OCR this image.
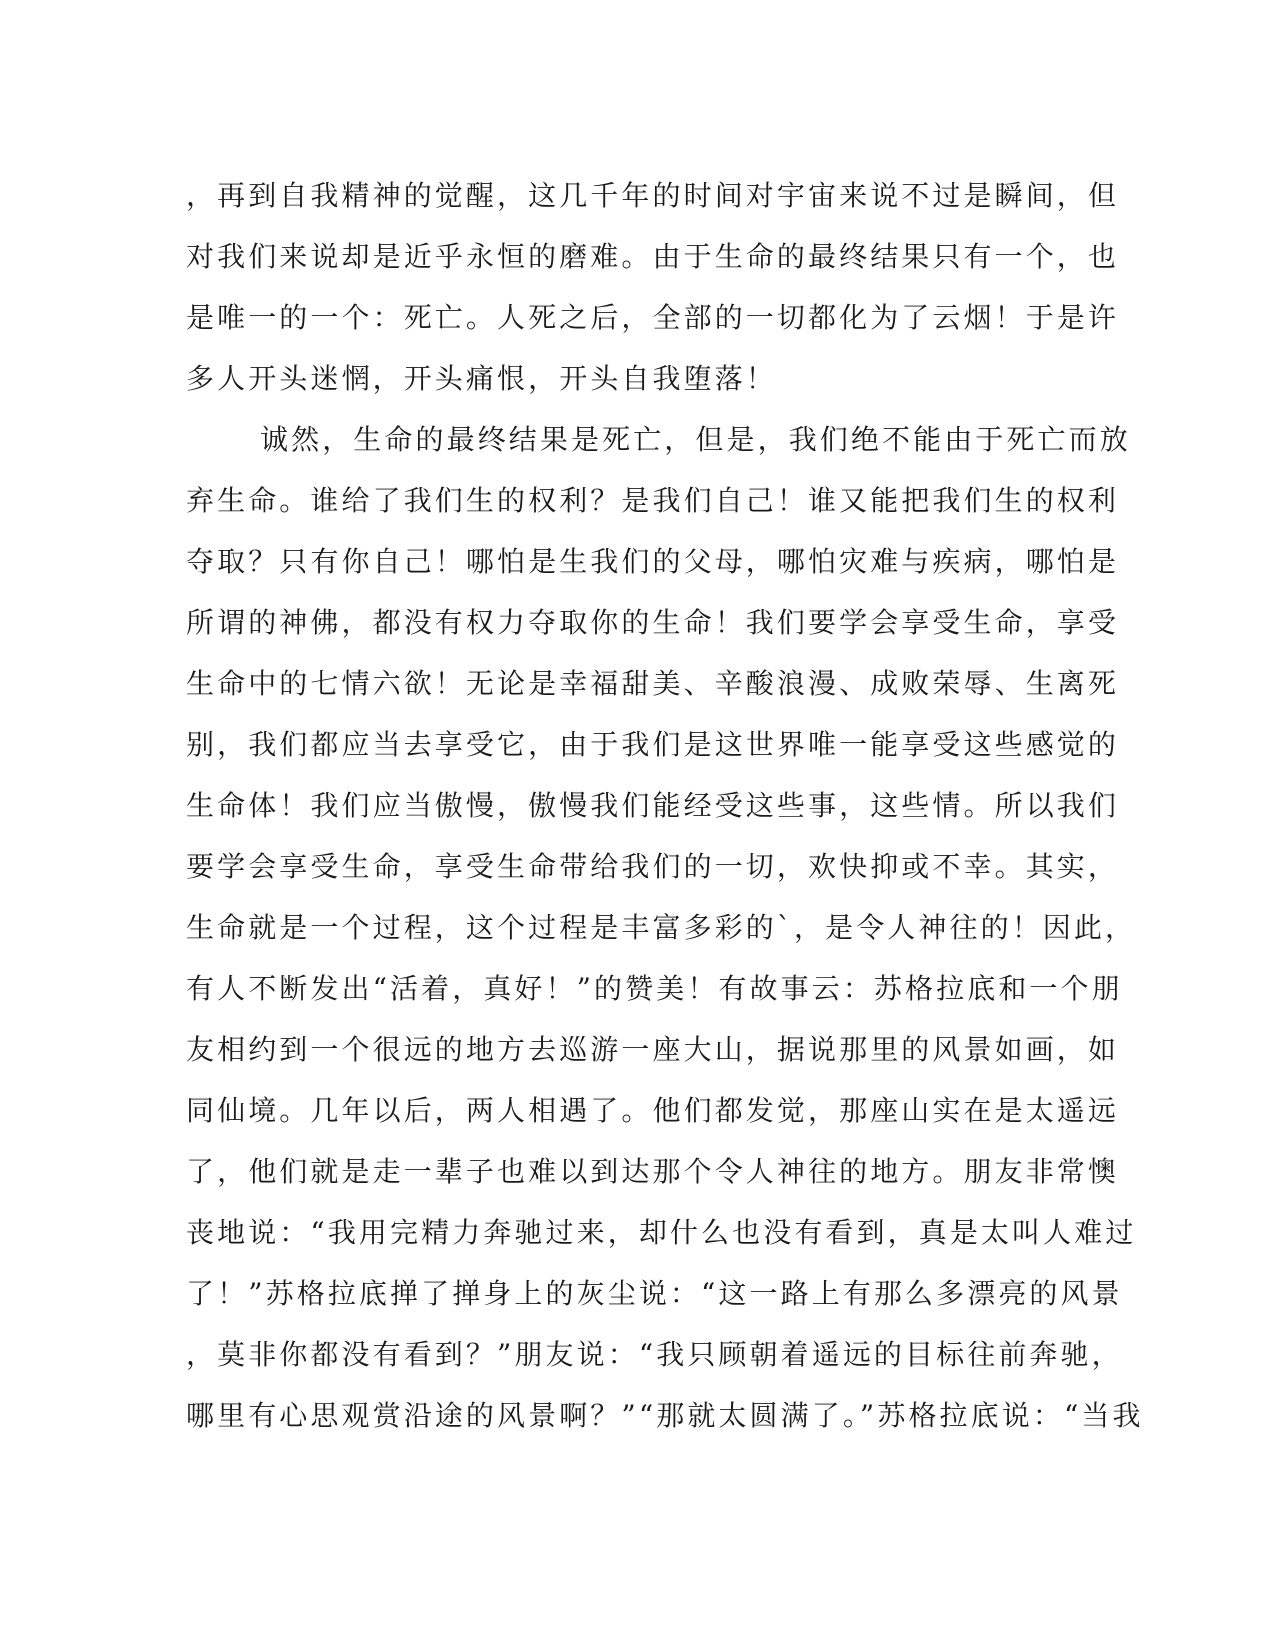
，再到自我精神的觉醒，这几千年的时间对宇宙来说不过是瞬间，但
对我们来说却是近乎永恒的磨难。由于生命的最终结果只有一个，也
是唯一的一个：死亡。人死之后，全部的一切都化为了云烟！于是许
多人开头迷惘，开头痛恨，开头自我堕落！
诚然，生命的最终结果是死亡，但是，我们绝不能由于死亡而放
弃生命。谁给了我们生的权利？是我们自己！谁又能把我们生的权利
夺取？只有你自己！哪怕是生我们的父母，哪怕灾难与疾病，哪怕是
所谓的神佛，都没有权力夺取你的生命！我们要学会享受生命，享受
生命中的七情六欲！无论是幸福甜美、辛酸浪漫、成败荣辱、生离死
别，我们都应当去享受它，由于我们是这世界唯一能享受这些感觉的
生命体！我们应当傲慢，傲慢我们能经受这些事，这些情。所以我们
要学会享受生命，享受生命带给我们的一切，欢快抑或不幸。其实，
生命就是一个过程，这个过程是丰富多彩的`，是令人神往的！因此，
有人不断发出“活着，真好！”的赞美！有故事云：苏格拉底和一个朋
友相约到一个很远的地方去巡游一座大山，据说那里的风景如画，如
同仙境。几年以后，两人相遇了。他们都发觉，那座山实在是太遥远
了，他们就是走一辈子也难以到达那个令人神往的地方。朋友非常懊
丧地说：“我用完精力奔驰过来，却什么也没有看到，真是太叫人难过
了！”苏格拉底掸了掸身上的灰尘说：“这一路上有那么多漂亮的风景
，莫非你都没有看到？”朋友说：“我只顾朝着遥远的目标往前奔驰，
哪里有心思观赏沿途的风景啊？”“那就太圆满了。”苏格拉底说：“当我
